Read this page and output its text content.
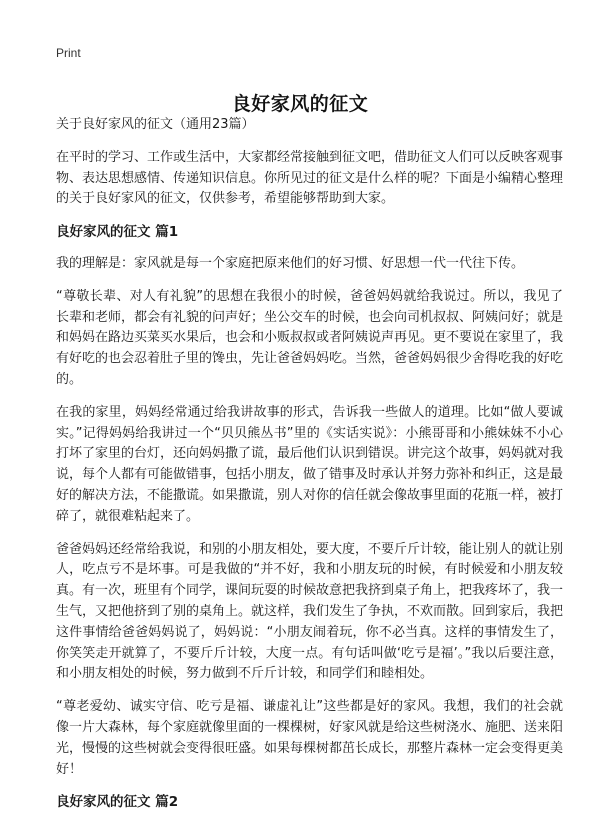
Print
良好家风的征文

关于良好家风的征文（通用23篇）

在平时的学习、工作或生活中，大家都经常接触到征文吧，借助征文人们可以反映客观事物、表达思想感情、传递知识信息。你所见过的征文是什么样的呢？下面是小编精心整理的关于良好家风的征文，仅供参考，希望能够帮助到大家。

良好家风的征文 篇1

我的理解是：家风就是每一个家庭把原来他们的好习惯、好思想一代一代往下传。

“尊敬长辈、对人有礼貌”的思想在我很小的时候，爸爸妈妈就给我说过。所以，我见了长辈和老师，都会有礼貌的问声好；坐公交车的时候，也会向司机叔叔、阿姨问好；就是和妈妈在路边买菜买水果后，也会和小贩叔叔或者阿姨说声再见。更不要说在家里了，我有好吃的也会忍着肚子里的馋虫，先让爸爸妈妈吃。当然，爸爸妈妈很少舍得吃我的好吃的。

在我的家里，妈妈经常通过给我讲故事的形式，告诉我一些做人的道理。比如“做人要诚实。”记得妈妈给我讲过一个“贝贝熊丛书”里的《实话实说》：小熊哥哥和小熊妹妹不小心打坏了家里的台灯，还向妈妈撒了谎，最后他们认识到错误。讲完这个故事，妈妈就对我说，每个人都有可能做错事，包括小朋友，做了错事及时承认并努力弥补和纠正，这是最好的解决方法，不能撒谎。如果撒谎，别人对你的信任就会像故事里面的花瓶一样，被打碎了，就很难粘起来了。

爸爸妈妈还经常给我说，和别的小朋友相处，要大度，不要斤斤计较，能让别人的就让别人，吃点亏不是坏事。可是我做的“并不好，我和小朋友玩的时候，有时候爱和小朋友较真。有一次，班里有个同学，课间玩耍的时候故意把我挤到桌子角上，把我疼坏了，我一生气，又把他挤到了别的桌角上。就这样，我们发生了争执，不欢而散。回到家后，我把这件事情给爸爸妈妈说了，妈妈说：“小朋友闹着玩，你不必当真。这样的事情发生了，你笑笑走开就算了，不要斤斤计较，大度一点。有句话叫做‘吃亏是福’。”我以后要注意，和小朋友相处的时候，努力做到不斤斤计较，和同学们和睦相处。

“尊老爱幼、诚实守信、吃亏是福、谦虚礼让”这些都是好的家风。我想，我们的社会就像一片大森林，每个家庭就像里面的一棵棵树，好家风就是给这些树浇水、施肥、送来阳光，慢慢的这些树就会变得很旺盛。如果每棵树都茁长成长，那整片森林一定会变得更美好！

良好家风的征文 篇2
